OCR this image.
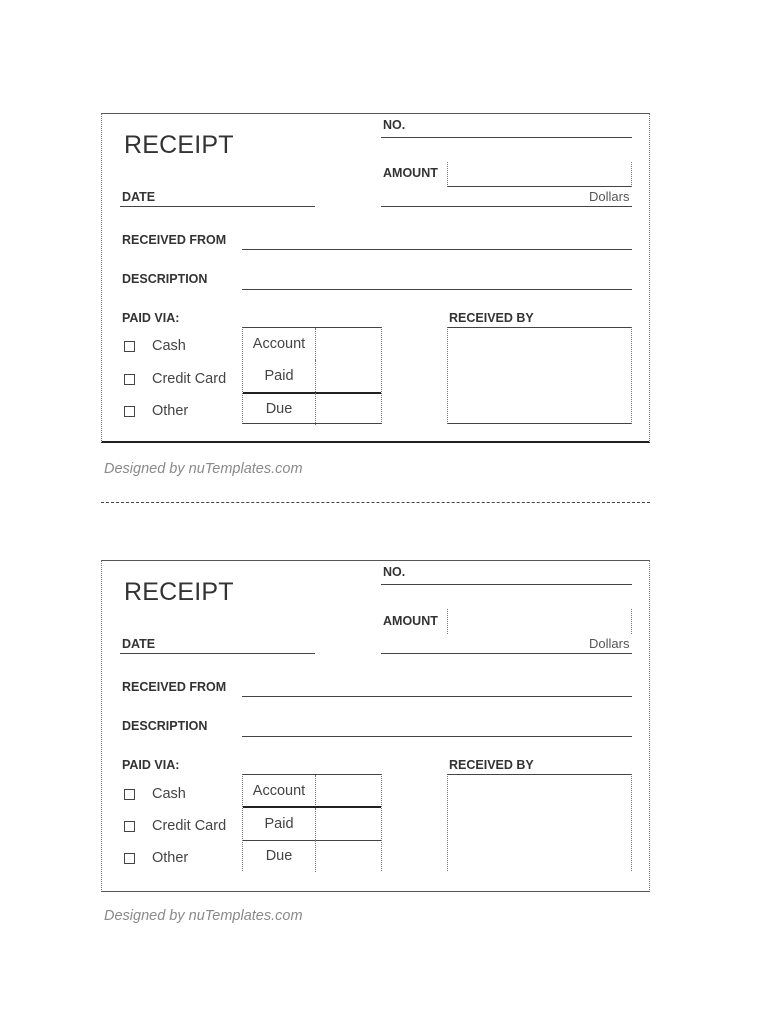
RECEIPT
NO.
AMOUNT
Dollars
DATE
RECEIVED FROM
DESCRIPTION
PAID VIA:
Cash
Credit Card
Other
Account
Paid
Due
RECEIVED BY
Designed by nuTemplates.com
RECEIPT
NO.
AMOUNT
Dollars
DATE
RECEIVED FROM
DESCRIPTION
PAID VIA:
Cash
Credit Card
Other
Account
Paid
Due
RECEIVED BY
Designed by nuTemplates.com
